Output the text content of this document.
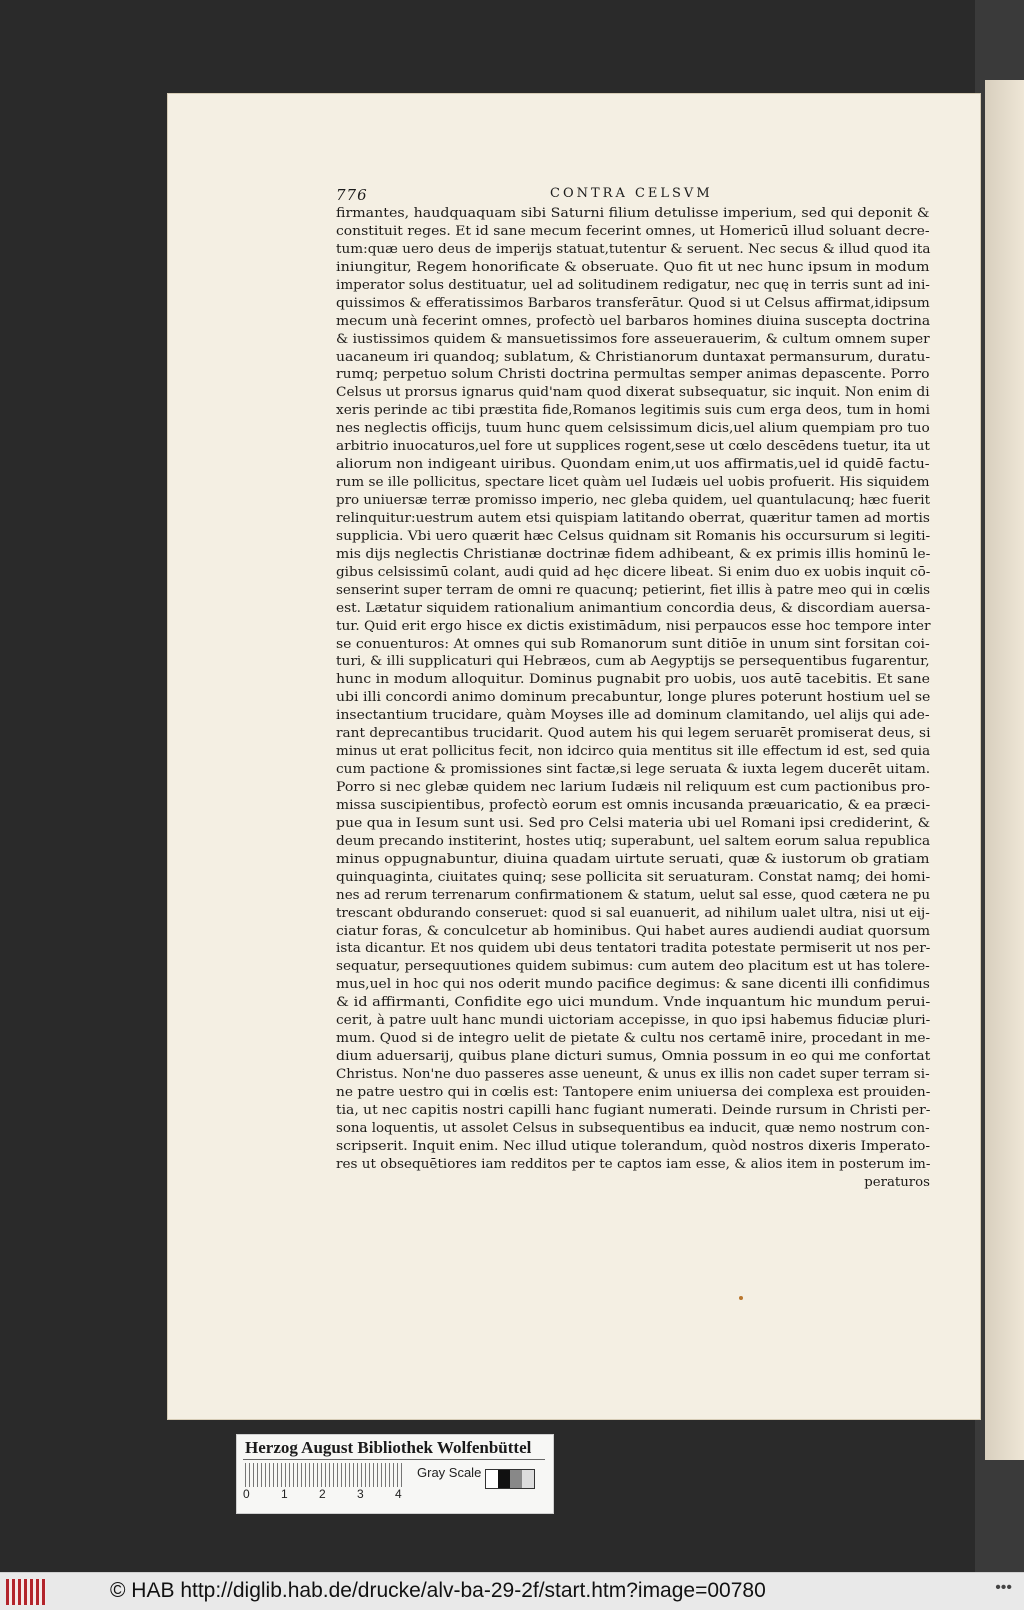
776	CONTRA CELSVM
firmantes, haudquaquam sibi Saturni filium detulisse imperium, sed qui deponit &
constituit reges. Et id sane mecum fecerint omnes, ut Homericū illud soluant decre-
tum:quæ uero deus de imperijs statuat,tutentur & seruent. Nec secus & illud quod ita
iniungitur, Regem honorificate & obseruate. Quo fit ut nec hunc ipsum in modum
imperator solus destituatur, uel ad solitudinem redigatur, nec quę in terris sunt ad ini-
quissimos & efferatissimos Barbaros transferātur. Quod si ut Celsus affirmat,idipsum
mecum unà fecerint omnes, profectò uel barbaros homines diuina suscepta doctrina
& iustissimos quidem & mansuetissimos fore asseuerauerim, & cultum omnem super
uacaneum iri quandoq; sublatum, & Christianorum duntaxat permansurum, duratu-
rumq; perpetuo solum Christi doctrina permultas semper animas depascente. Porro
Celsus ut prorsus ignarus quid'nam quod dixerat subsequatur, sic inquit. Non enim di
xeris perinde ac tibi præstita fide,Romanos legitimis suis cum erga deos, tum in homi
nes neglectis officijs, tuum hunc quem celsissimum dicis,uel alium quempiam pro tuo
arbitrio inuocaturos,uel fore ut supplices rogent,sese ut cœlo descēdens tuetur, ita ut
aliorum non indigeant uiribus. Quondam enim,ut uos affirmatis,uel id quidē factu-
rum se ille pollicitus, spectare licet quàm uel Iudæis uel uobis profuerit. His siquidem
pro uniuersæ terræ promisso imperio, nec gleba quidem, uel quantulacunq; hæc fuerit
relinquitur:uestrum autem etsi quispiam latitando oberrat, quæritur tamen ad mortis
supplicia. Vbi uero quærit hæc Celsus quidnam sit Romanis his occursurum si legiti-
mis dijs neglectis Christianæ doctrinæ fidem adhibeant, & ex primis illis hominū le-
gibus celsissimū colant, audi quid ad hęc dicere libeat. Si enim duo ex uobis inquit cō-
senserint super terram de omni re quacunq; petierint, fiet illis à patre meo qui in cœlis
est. Lætatur siquidem rationalium animantium concordia deus, & discordiam auersa-
tur. Quid erit ergo hisce ex dictis existimādum, nisi perpaucos esse hoc tempore inter
se conuenturos: At omnes qui sub Romanorum sunt ditiōe in unum sint forsitan coi-
turi, & illi supplicaturi qui Hebræos, cum ab Aegyptijs se persequentibus fugarentur,
hunc in modum alloquitur. Dominus pugnabit pro uobis, uos autē tacebitis. Et sane
ubi illi concordi animo dominum precabuntur, longe plures poterunt hostium uel se
insectantium trucidare, quàm Moyses ille ad dominum clamitando, uel alijs qui ade-
rant deprecantibus trucidarit. Quod autem his qui legem seruarēt promiserat deus, si
minus ut erat pollicitus fecit, non idcirco quia mentitus sit ille effectum id est, sed quia
cum pactione & promissiones sint factæ,si lege seruata & iuxta legem ducerēt uitam.
Porro si nec glebæ quidem nec larium Iudæis nil reliquum est cum pactionibus pro-
missa suscipientibus, profectò eorum est omnis incusanda præuaricatio, & ea præci-
pue qua in Iesum sunt usi. Sed pro Celsi materia ubi uel Romani ipsi crediderint, &
deum precando institerint, hostes utiq; superabunt, uel saltem eorum salua republica
minus oppugnabuntur, diuina quadam uirtute seruati, quæ & iustorum ob gratiam
quinquaginta, ciuitates quinq; sese pollicita sit seruaturam. Constat namq; dei homi-
nes ad rerum terrenarum confirmationem & statum, uelut sal esse, quod cætera ne pu
trescant obdurando conseruet: quod si sal euanuerit, ad nihilum ualet ultra, nisi ut eij-
ciatur foras, & conculcetur ab hominibus. Qui habet aures audiendi audiat quorsum
ista dicantur. Et nos quidem ubi deus tentatori tradita potestate permiserit ut nos per-
sequatur, persequutiones quidem subimus: cum autem deo placitum est ut has tolere-
mus,uel in hoc qui nos oderit mundo pacifice degimus: & sane dicenti illi confidimus
& id affirmanti, Confidite ego uici mundum. Vnde inquantum hic mundum perui-
cerit, à patre uult hanc mundi uictoriam accepisse, in quo ipsi habemus fiduciæ pluri-
mum. Quod si de integro uelit de pietate & cultu nos certamē inire, procedant in me-
dium aduersarij, quibus plane dicturi sumus, Omnia possum in eo qui me confortat
Christus. Non'ne duo passeres asse ueneunt, & unus ex illis non cadet super terram si-
ne patre uestro qui in cœlis est: Tantopere enim uniuersa dei complexa est prouiden-
tia, ut nec capitis nostri capilli hanc fugiant numerati. Deinde rursum in Christi per-
sona loquentis, ut assolet Celsus in subsequentibus ea inducit, quæ nemo nostrum con-
scripserit. Inquit enim. Nec illud utique tolerandum, quòd nostros dixeris Imperato-
res ut obsequētiores iam redditos per te captos iam esse, & alios item in posterum im-
peraturos
Herzog August Bibliothek Wolfenbüttel
0	1	2	3	4
Gray Scale
© HAB http://diglib.hab.de/drucke/alv-ba-29-2f/start.htm?image=00780	•••
